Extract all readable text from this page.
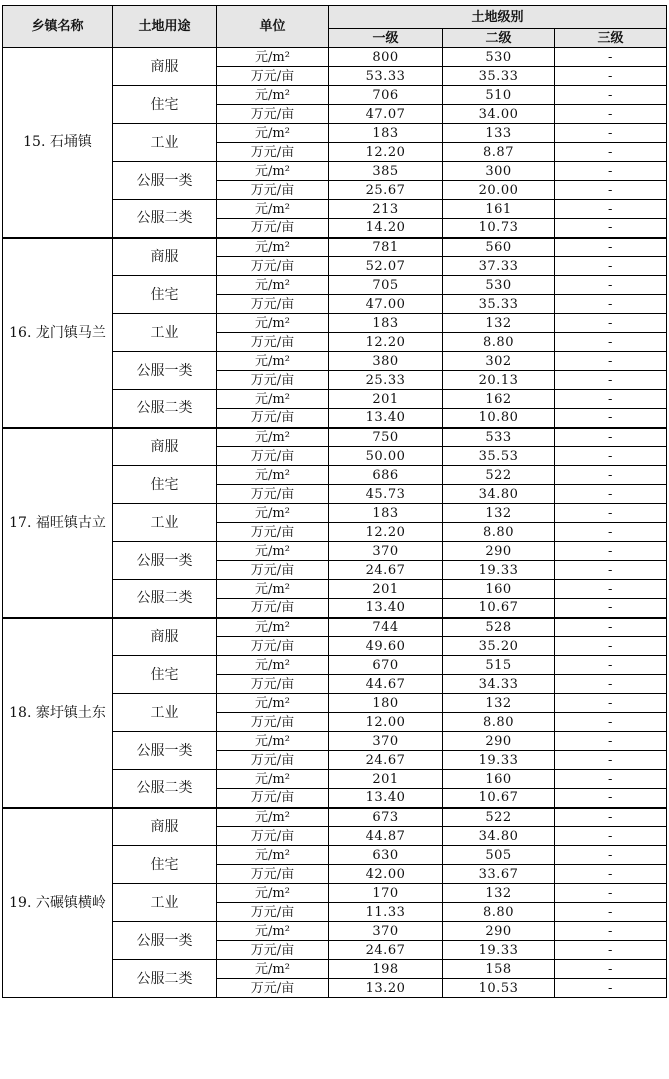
乡镇名称	土地用途	单位	土地级别		
			一级	二级	三级
15. 石埇镇	商服	元/m²	800	530	-
		万元/亩	53.33	35.33	-
	住宅	元/m²	706	510	-
		万元/亩	47.07	34.00	-
	工业	元/m²	183	133	-
		万元/亩	12.20	8.87	-
	公服一类	元/m²	385	300	-
		万元/亩	25.67	20.00	-
	公服二类	元/m²	213	161	-
		万元/亩	14.20	10.73	-
16. 龙门镇马兰	商服	元/m²	781	560	-
		万元/亩	52.07	37.33	-
	住宅	元/m²	705	530	-
		万元/亩	47.00	35.33	-
	工业	元/m²	183	132	-
		万元/亩	12.20	8.80	-
	公服一类	元/m²	380	302	-
		万元/亩	25.33	20.13	-
	公服二类	元/m²	201	162	-
		万元/亩	13.40	10.80	-
17. 福旺镇古立	商服	元/m²	750	533	-
		万元/亩	50.00	35.53	-
	住宅	元/m²	686	522	-
		万元/亩	45.73	34.80	-
	工业	元/m²	183	132	-
		万元/亩	12.20	8.80	-
	公服一类	元/m²	370	290	-
		万元/亩	24.67	19.33	-
	公服二类	元/m²	201	160	-
		万元/亩	13.40	10.67	-
18. 寨圩镇土东	商服	元/m²	744	528	-
		万元/亩	49.60	35.20	-
	住宅	元/m²	670	515	-
		万元/亩	44.67	34.33	-
	工业	元/m²	180	132	-
		万元/亩	12.00	8.80	-
	公服一类	元/m²	370	290	-
		万元/亩	24.67	19.33	-
	公服二类	元/m²	201	160	-
		万元/亩	13.40	10.67	-
19. 六碾镇横岭	商服	元/m²	673	522	-
		万元/亩	44.87	34.80	-
	住宅	元/m²	630	505	-
		万元/亩	42.00	33.67	-
	工业	元/m²	170	132	-
		万元/亩	11.33	8.80	-
	公服一类	元/m²	370	290	-
		万元/亩	24.67	19.33	-
	公服二类	元/m²	198	158	-
		万元/亩	13.20	10.53	-
